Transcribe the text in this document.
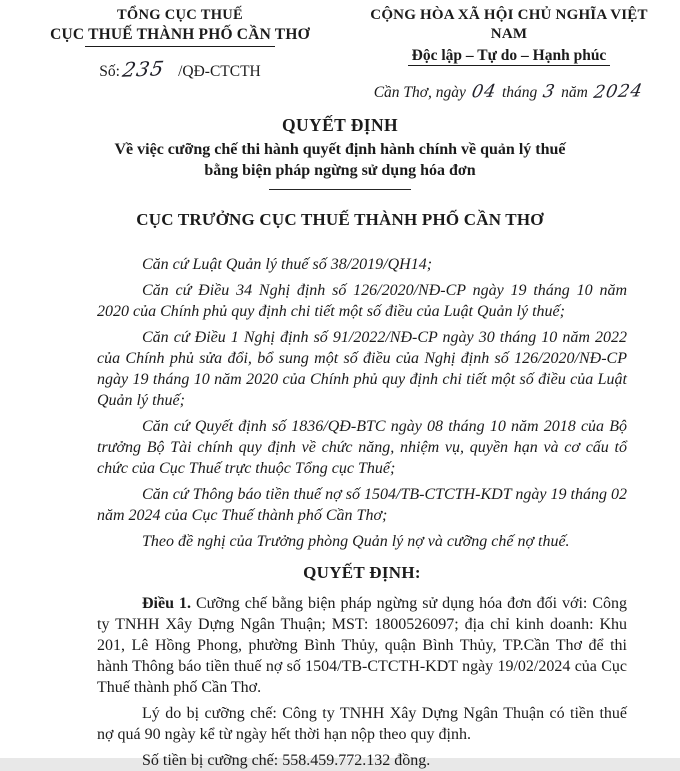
TỔNG CỤC THUẾ
CỤC THUẾ THÀNH PHỐ CẦN THƠ
Số:235 /QĐ-CTCTH
CỘNG HÒA XÃ HỘI CHỦ NGHĨA VIỆT NAM
Độc lập – Tự do – Hạnh phúc
Cần Thơ, ngày 04 tháng 3 năm 2024
QUYẾT ĐỊNH
Về việc cưỡng chế thi hành quyết định hành chính về quản lý thuế
bằng biện pháp ngừng sử dụng hóa đơn
CỤC TRƯỞNG CỤC THUẾ THÀNH PHỐ CẦN THƠ

Căn cứ Luật Quản lý thuế số 38/2019/QH14;

Căn cứ Điều 34 Nghị định số 126/2020/NĐ-CP ngày 19 tháng 10 năm 2020 của Chính phủ quy định chi tiết một số điều của Luật Quản lý thuế;

Căn cứ Điều 1 Nghị định số 91/2022/NĐ-CP ngày 30 tháng 10 năm 2022 của Chính phủ sửa đổi, bổ sung một số điều của Nghị định số 126/2020/NĐ-CP ngày 19 tháng 10 năm 2020 của Chính phủ quy định chi tiết một số điều của Luật Quản lý thuế;

Căn cứ Quyết định số 1836/QĐ-BTC ngày 08 tháng 10 năm 2018 của Bộ trưởng Bộ Tài chính quy định về chức năng, nhiệm vụ, quyền hạn và cơ cấu tổ chức của Cục Thuế trực thuộc Tổng cục Thuế;

Căn cứ Thông báo tiền thuế nợ số 1504/TB-CTCTH-KDT ngày 19 tháng 02 năm 2024 của Cục Thuế thành phố Cần Thơ;

Theo đề nghị của Trưởng phòng Quản lý nợ và cưỡng chế nợ thuế.

QUYẾT ĐỊNH:

Điều 1. Cưỡng chế bằng biện pháp ngừng sử dụng hóa đơn đối với: Công ty TNHH Xây Dựng Ngân Thuận; MST: 1800526097; địa chỉ kinh doanh: Khu 201, Lê Hồng Phong, phường Bình Thủy, quận Bình Thủy, TP.Cần Thơ để thi hành Thông báo tiền thuế nợ số 1504/TB-CTCTH-KDT ngày 19/02/2024 của Cục Thuế thành phố Cần Thơ.

Lý do bị cưỡng chế: Công ty TNHH Xây Dựng Ngân Thuận có tiền thuế nợ quá 90 ngày kể từ ngày hết thời hạn nộp theo quy định.

Số tiền bị cưỡng chế: 558.459.772.132 đồng.
